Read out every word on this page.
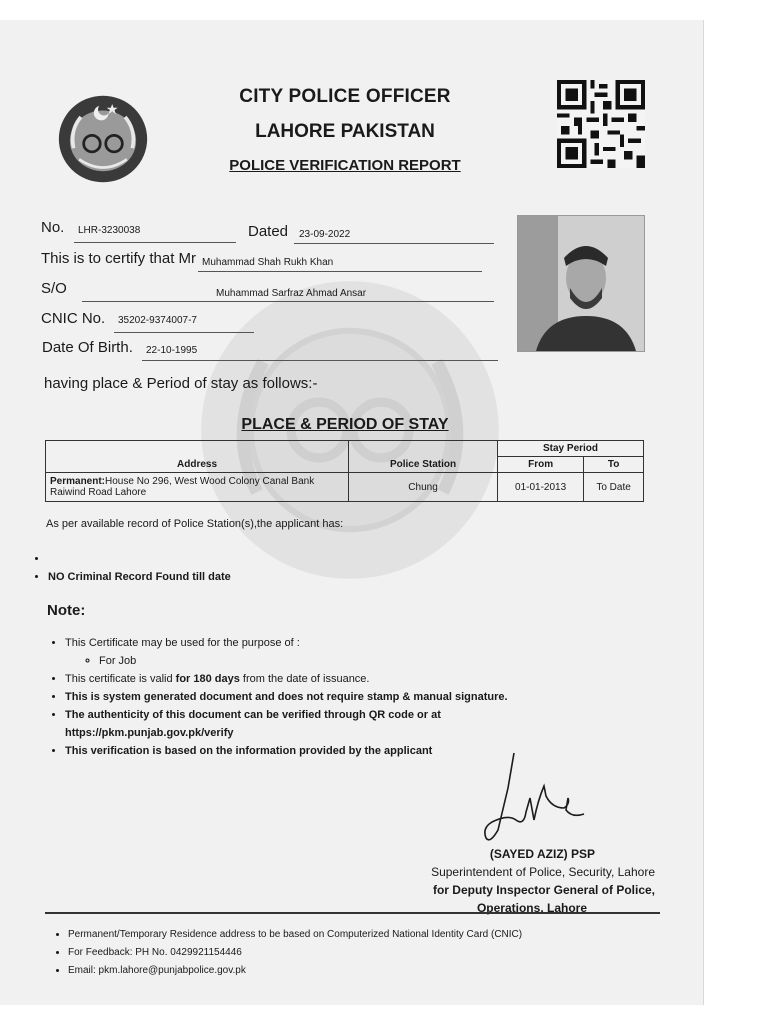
CITY POLICE OFFICER
LAHORE PAKISTAN
POLICE VERIFICATION REPORT
No. LHR-3230038	Dated 23-09-2022
This is to certify that Mr Muhammad Shah Rukh Khan
S/O	Muhammad Sarfraz Ahmad Ansar
CNIC No. 35202-9374007-7
Date Of Birth. 22-10-1995
having place & Period of stay as follows:-
PLACE & PERIOD OF STAY
Address	Police Station	Stay Period	
		From	To
Permanent:House No 296, West Wood Colony Canal Bank Raiwind Road Lahore	Chung	01-01-2013	To Date
As per available record of Police Station(s),the applicant has:
•
• NO Criminal Record Found till date
Note:
• This Certificate may be used for the purpose of :
◦ For Job
• This certificate is valid for 180 days from the date of issuance.
• This is system generated document and does not require stamp & manual signature.
• The authenticity of this document can be verified through QR code or at https://pkm.punjab.gov.pk/verify
• This verification is based on the information provided by the applicant
(SAYED AZIZ) PSP
Superintendent of Police, Security, Lahore
for Deputy Inspector General of Police,
Operations, Lahore
• Permanent/Temporary Residence address to be based on Computerized National Identity Card (CNIC)
• For Feedback: PH No. 0429921154446
• Email: pkm.lahore@punjabpolice.gov.pk
